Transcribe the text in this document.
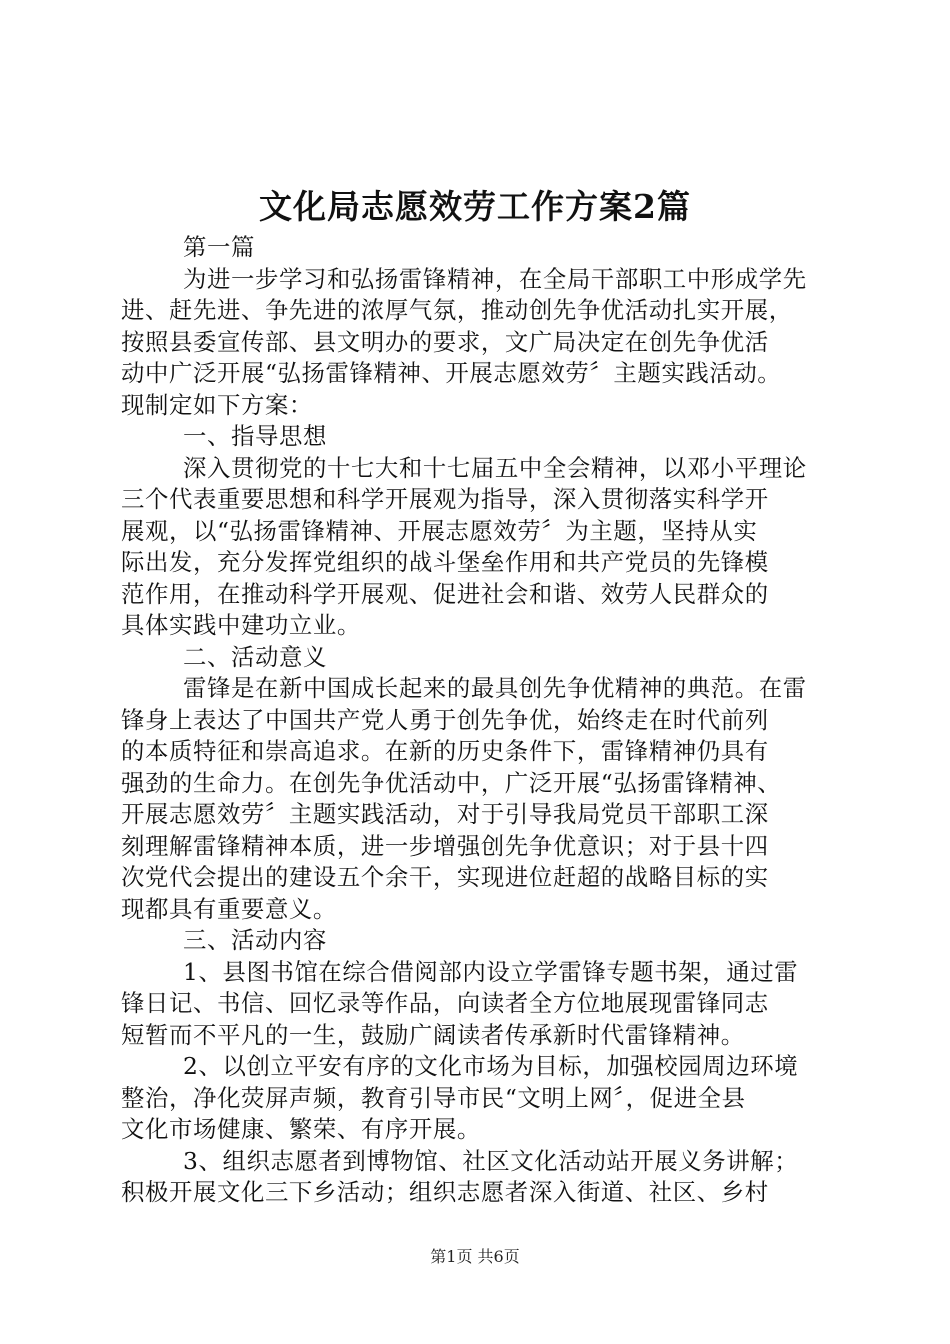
文化局志愿效劳工作方案2篇
第一篇
为进一步学习和弘扬雷锋精神，在全局干部职工中形成学先
进、赶先进、争先进的浓厚气氛，推动创先争优活动扎实开展，
按照县委宣传部、县文明办的要求，文广局决定在创先争优活
动中广泛开展“弘扬雷锋精神、开展志愿效劳〞主题实践活动。
现制定如下方案：
一、指导思想
深入贯彻党的十七大和十七届五中全会精神，以邓小平理论
三个代表重要思想和科学开展观为指导，深入贯彻落实科学开
展观，以“弘扬雷锋精神、开展志愿效劳〞为主题，坚持从实
际出发，充分发挥党组织的战斗堡垒作用和共产党员的先锋模
范作用，在推动科学开展观、促进社会和谐、效劳人民群众的
具体实践中建功立业。
二、活动意义
雷锋是在新中国成长起来的最具创先争优精神的典范。在雷
锋身上表达了中国共产党人勇于创先争优，始终走在时代前列
的本质特征和崇高追求。在新的历史条件下，雷锋精神仍具有
强劲的生命力。在创先争优活动中，广泛开展“弘扬雷锋精神、
开展志愿效劳〞主题实践活动，对于引导我局党员干部职工深
刻理解雷锋精神本质，进一步增强创先争优意识；对于县十四
次党代会提出的建设五个余干，实现进位赶超的战略目标的实
现都具有重要意义。
三、活动内容
1、县图书馆在综合借阅部内设立学雷锋专题书架，通过雷
锋日记、书信、回忆录等作品，向读者全方位地展现雷锋同志
短暂而不平凡的一生，鼓励广阔读者传承新时代雷锋精神。
2、以创立平安有序的文化市场为目标，加强校园周边环境
整治，净化荧屏声频，教育引导市民“文明上网〞，促进全县
文化市场健康、繁荣、有序开展。
3、组织志愿者到博物馆、社区文化活动站开展义务讲解；
积极开展文化三下乡活动；组织志愿者深入街道、社区、乡村
第1页 共6页
